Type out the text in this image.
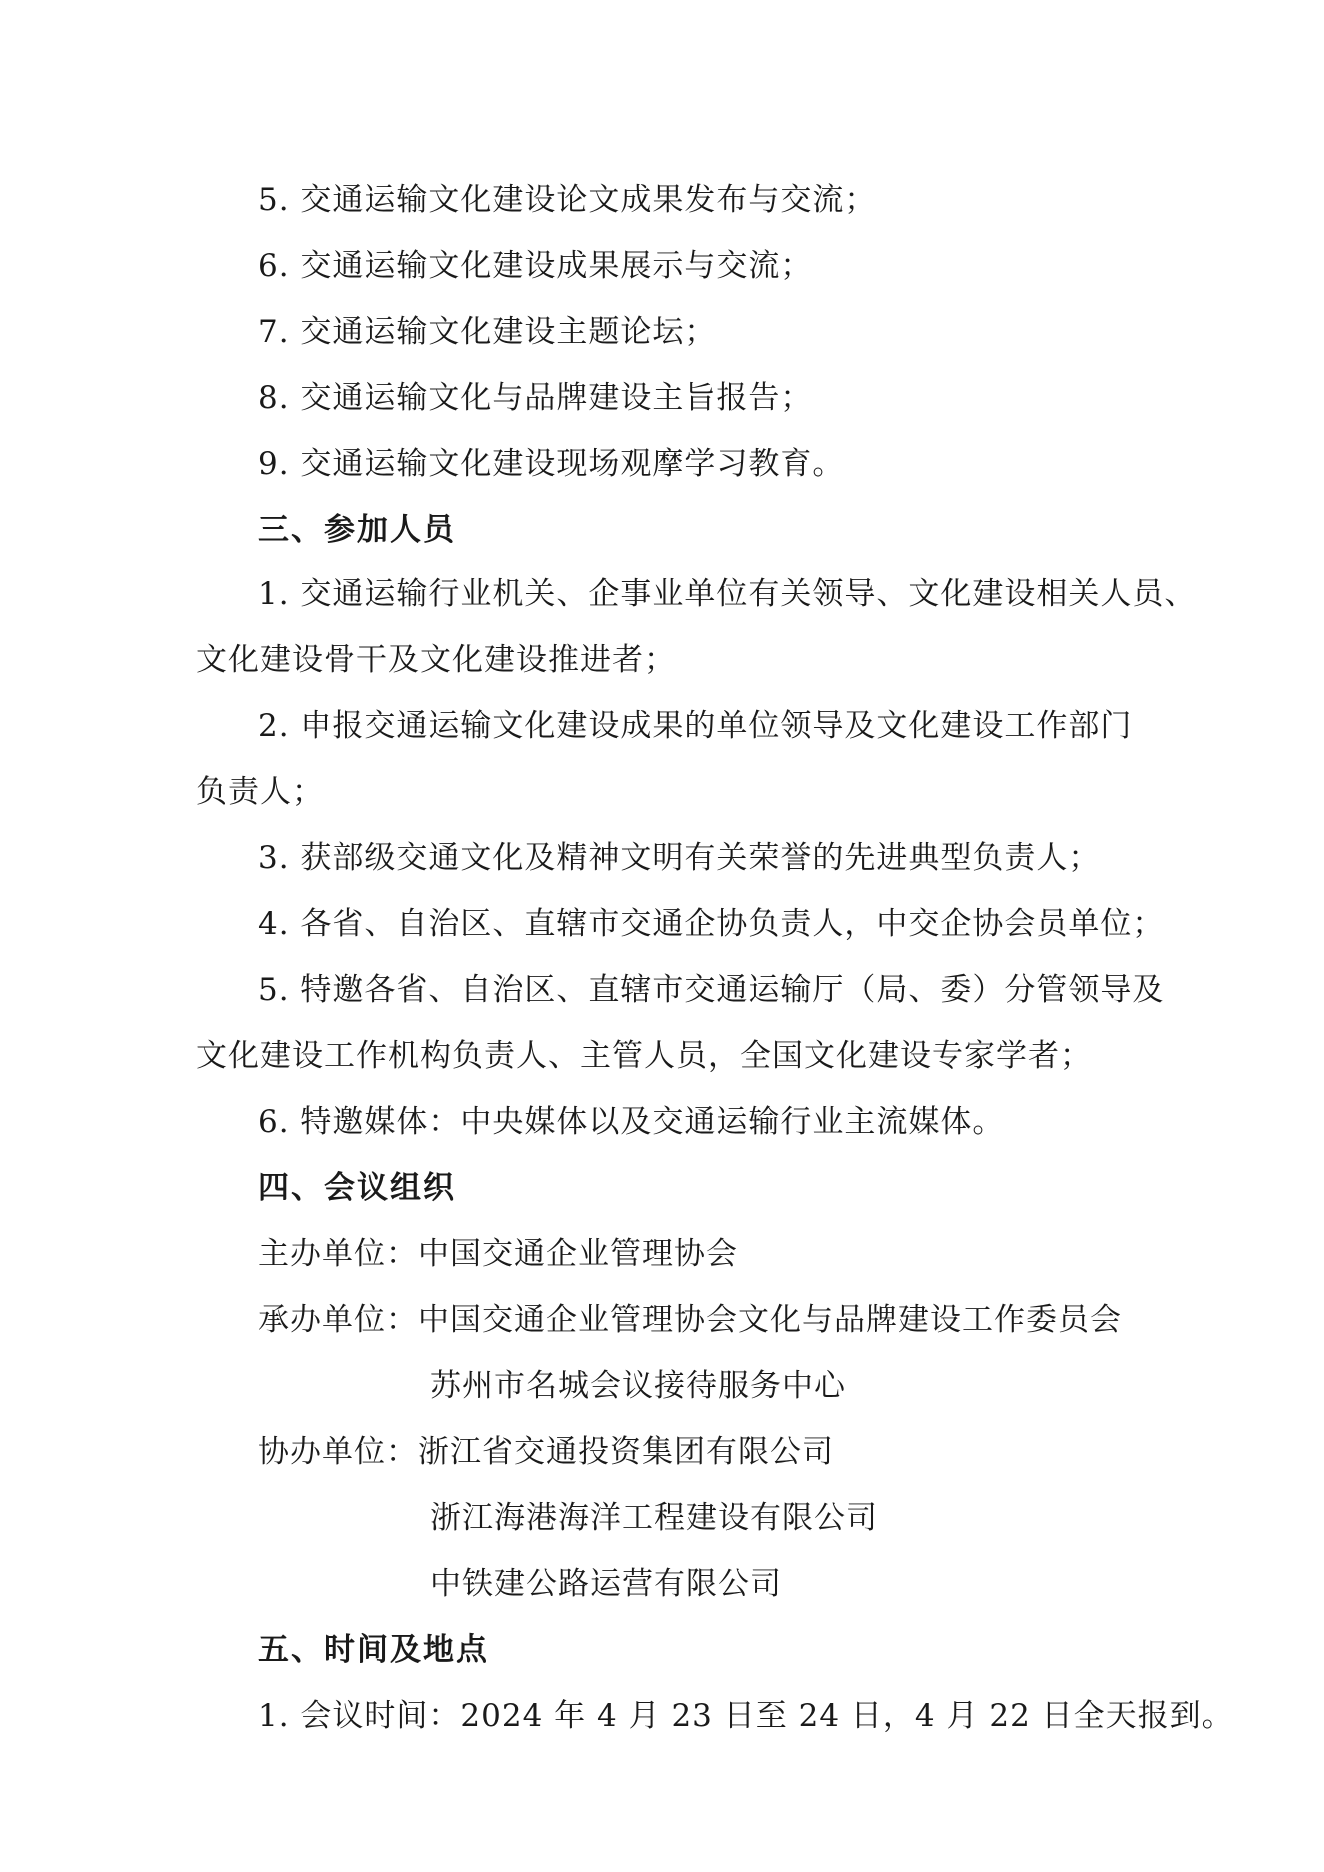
5. 交通运输文化建设论文成果发布与交流；
6. 交通运输文化建设成果展示与交流；
7. 交通运输文化建设主题论坛；
8. 交通运输文化与品牌建设主旨报告；
9. 交通运输文化建设现场观摩学习教育。
三、参加人员
1. 交通运输行业机关、企事业单位有关领导、文化建设相关人员、
文化建设骨干及文化建设推进者；
2. 申报交通运输文化建设成果的单位领导及文化建设工作部门
负责人；
3. 获部级交通文化及精神文明有关荣誉的先进典型负责人；
4. 各省、自治区、直辖市交通企协负责人，中交企协会员单位；
5. 特邀各省、自治区、直辖市交通运输厅（局、委）分管领导及
文化建设工作机构负责人、主管人员，全国文化建设专家学者；
6. 特邀媒体：中央媒体以及交通运输行业主流媒体。
四、会议组织
主办单位：中国交通企业管理协会
承办单位：中国交通企业管理协会文化与品牌建设工作委员会
苏州市名城会议接待服务中心
协办单位：浙江省交通投资集团有限公司
浙江海港海洋工程建设有限公司
中铁建公路运营有限公司
五、时间及地点
1. 会议时间：2024 年 4 月 23 日至 24 日，4 月 22 日全天报到。
